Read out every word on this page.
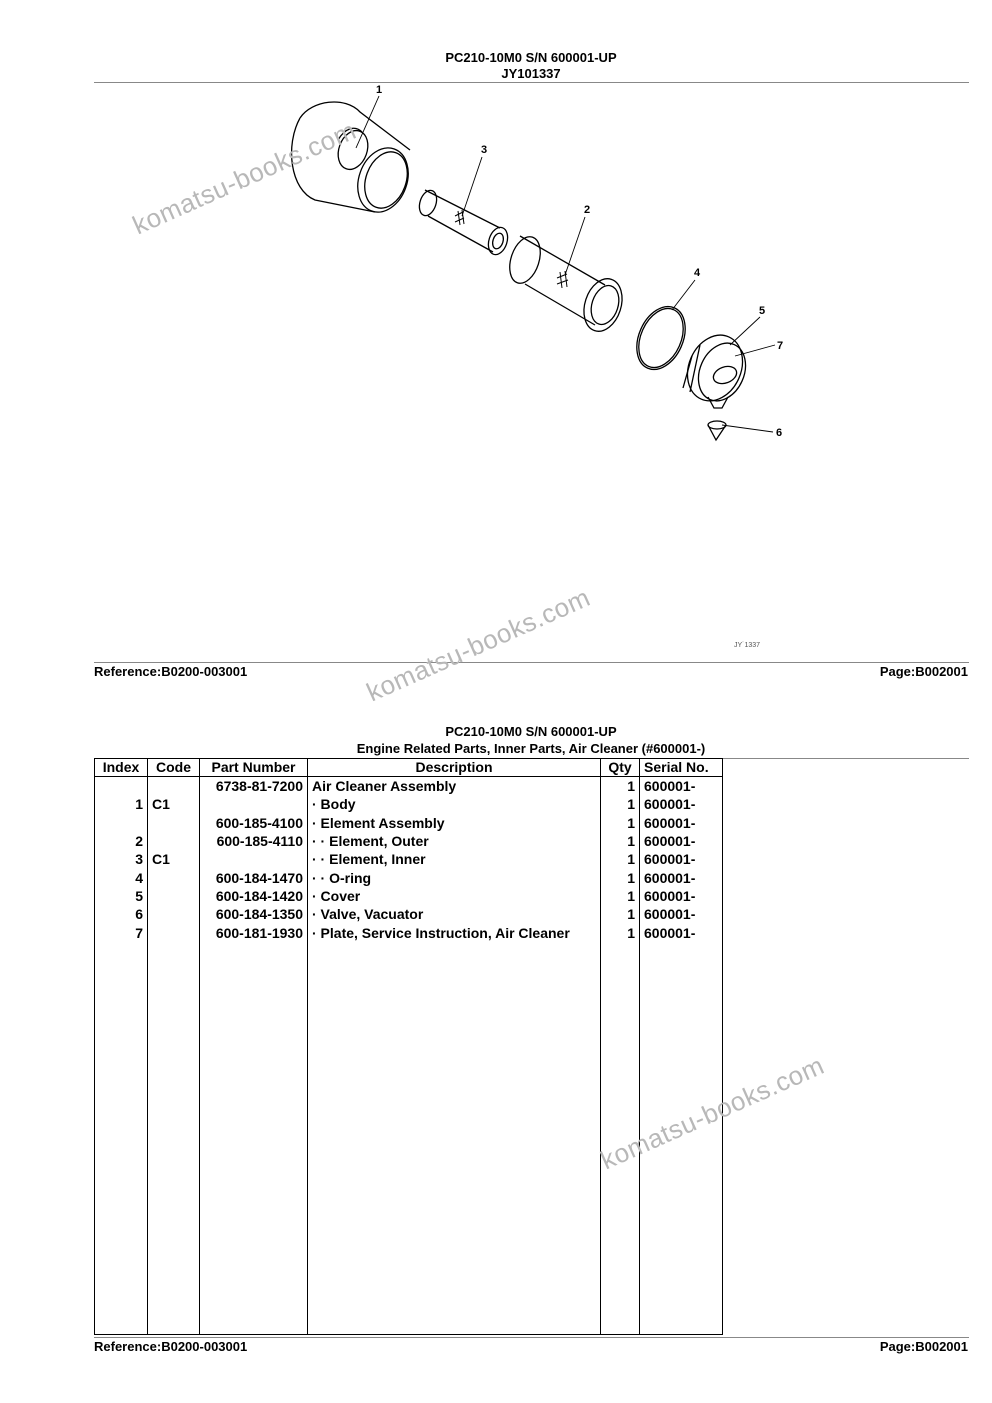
PC210-10M0 S/N 600001-UP
JY101337
1
2
3
4
5
6
7
JY˙1337
Reference:B0200-003001	Page:B002001
PC210-10M0 S/N 600001-UP
Engine Related Parts, Inner Parts, Air Cleaner (#600001-)
Index	Code	Part Number	Description	Qty	Serial No.
		6738-81-7200	Air Cleaner Assembly	1	600001-
1	C1		· Body	1	600001-
		600-185-4100	· Element Assembly	1	600001-
2		600-185-4110	· · Element, Outer	1	600001-
3	C1		· · Element, Inner	1	600001-
4		600-184-1470	· · O-ring	1	600001-
5		600-184-1420	· Cover	1	600001-
6		600-184-1350	· Valve, Vacuator	1	600001-
7		600-181-1930	· Plate, Service Instruction, Air Cleaner	1	600001-

Reference:B0200-003001	Page:B002001
komatsu-books.com
komatsu-books.com
komatsu-books.com
